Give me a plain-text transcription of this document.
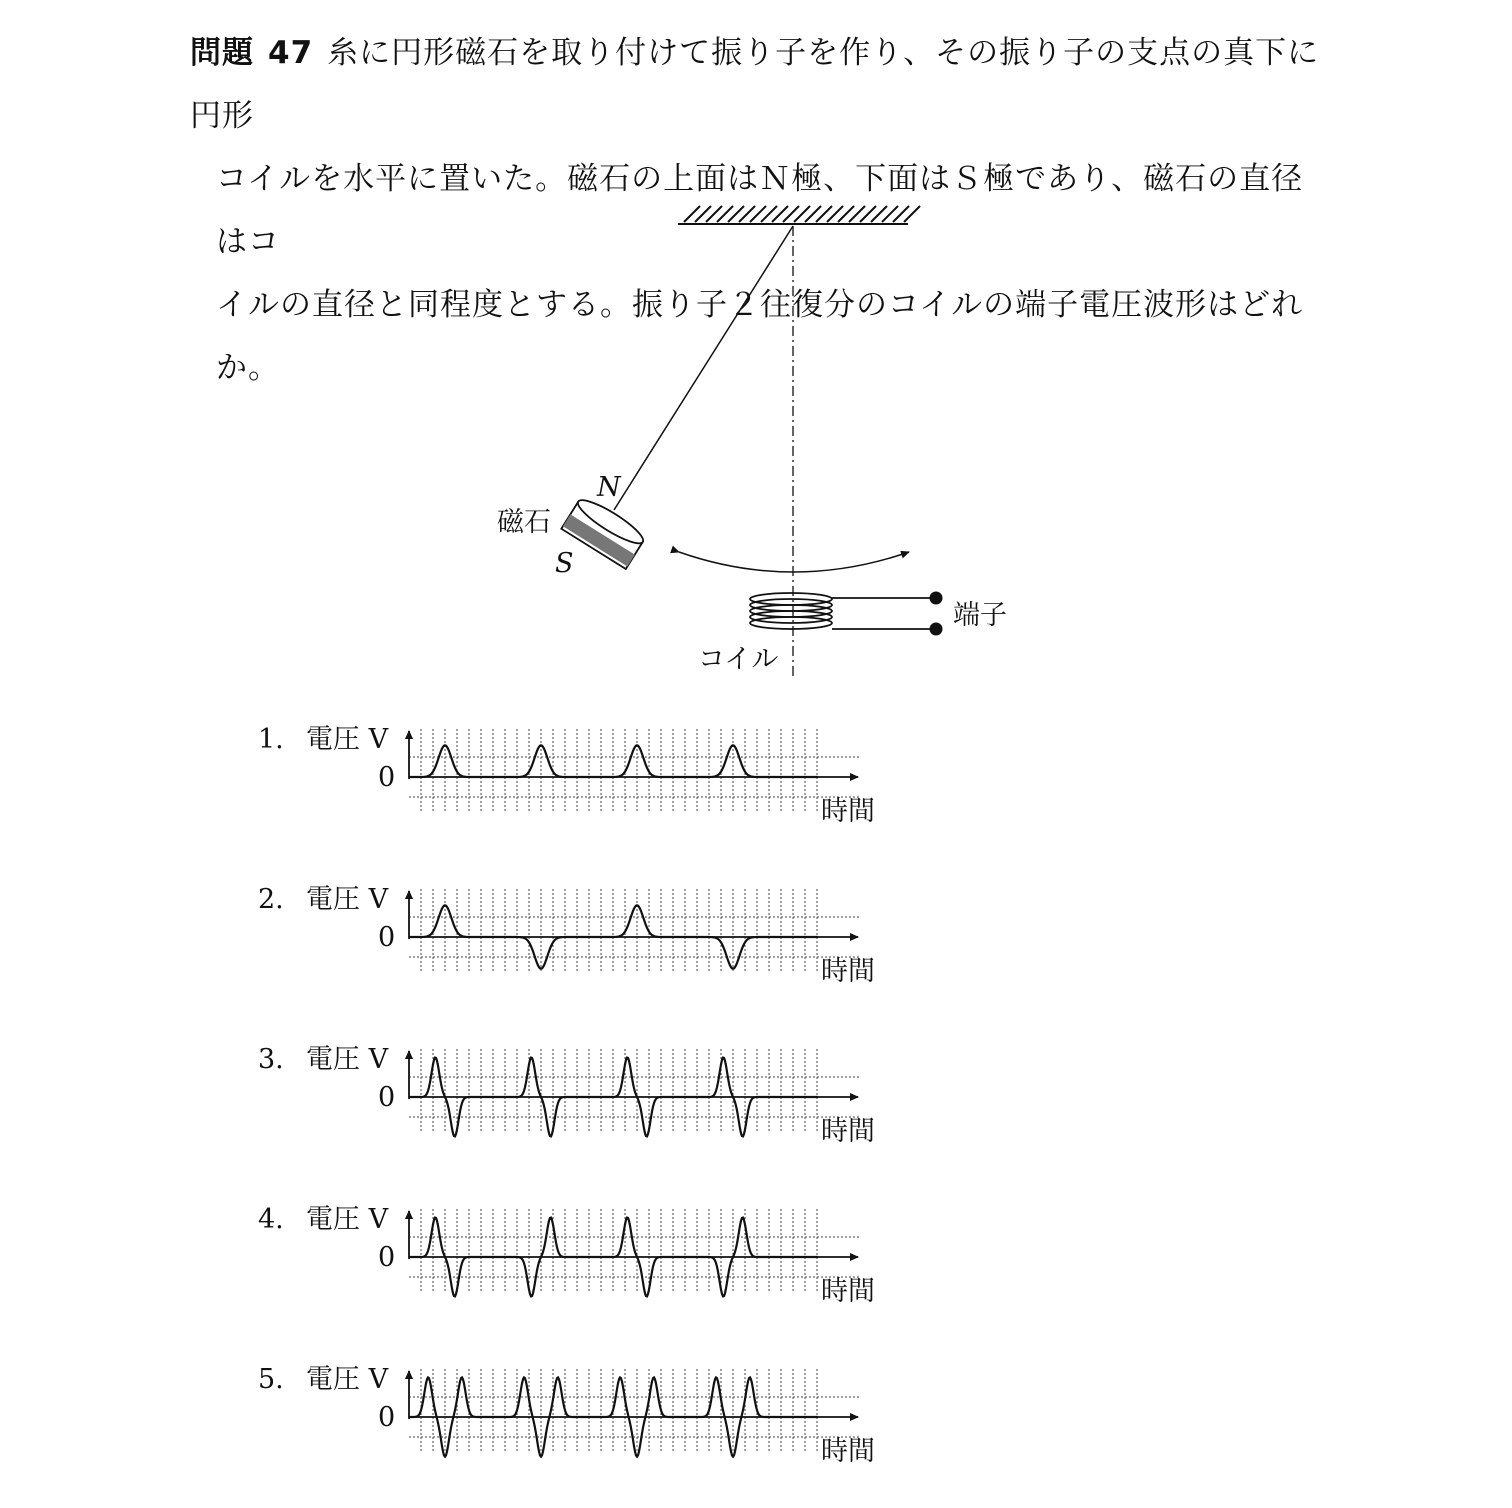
問題 47 糸に円形磁石を取り付けて振り子を作り、その振り子の支点の真下に円形
コイルを水平に置いた。磁石の上面はＮ極、下面はＳ極であり、磁石の直径はコ
イルの直径と同程度とする。振り子２往復分のコイルの端子電圧波形はどれか。
磁石
N
S
端子
コイル
1. 電圧 V
0
時間
2. 電圧 V
0
時間
3. 電圧 V
0
時間
4. 電圧 V
0
時間
5. 電圧 V
0
時間
